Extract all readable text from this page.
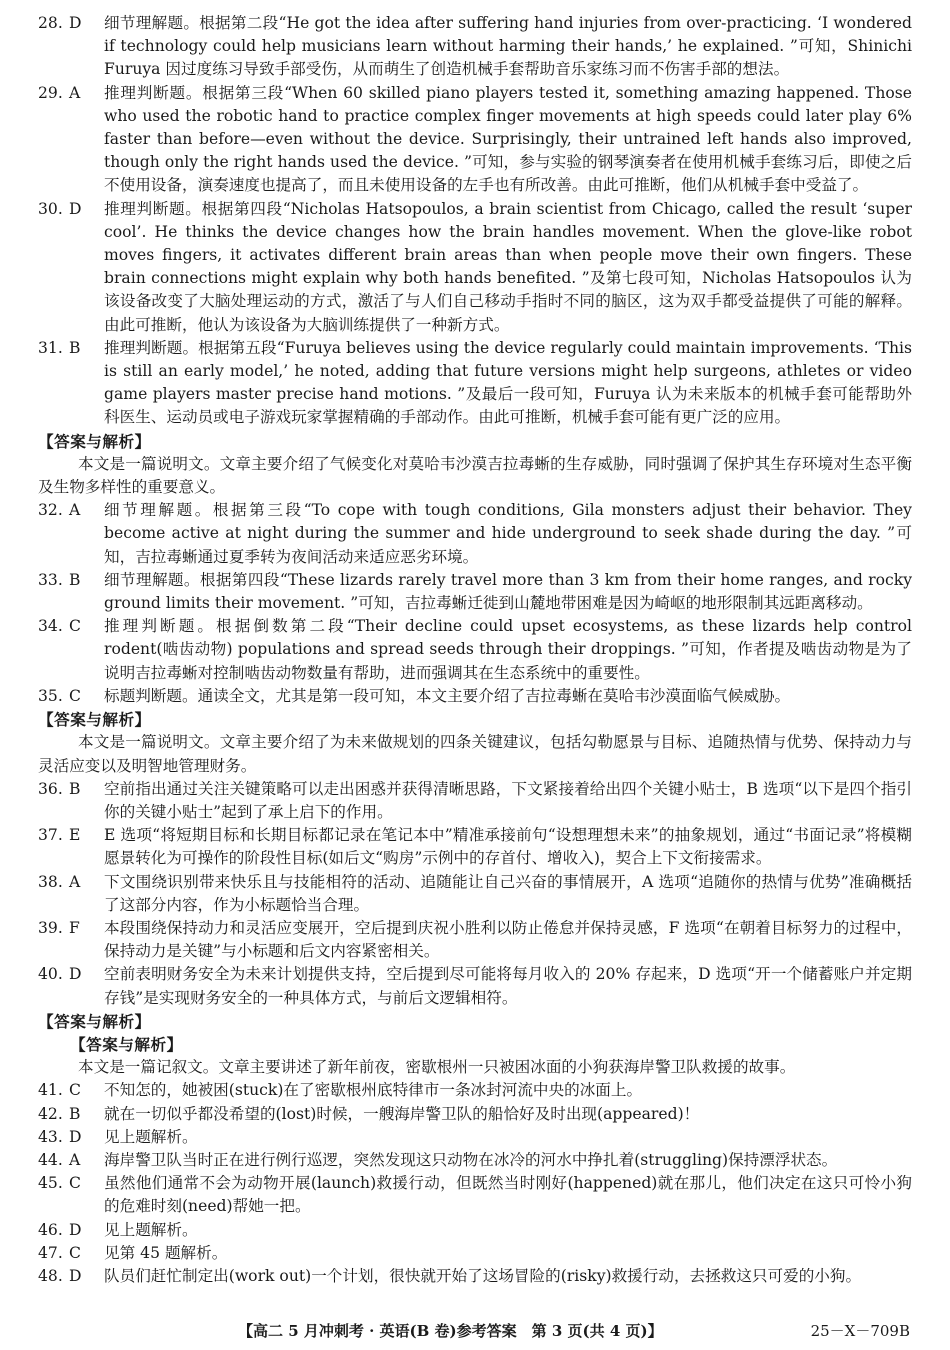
28. D	细节理解题。根据第二段“He got the idea after suffering hand injuries from over-practicing. ‘I wondered if technology could help musicians learn without harming their hands,’ he explained. ”可知，Shinichi Furuya 因过度练习导致手部受伤，从而萌生了创造机械手套帮助音乐家练习而不伤害手部的想法。
29. A	推理判断题。根据第三段“When 60 skilled piano players tested it, something amazing happened. Those who used the robotic hand to practice complex finger movements at high speeds could later play 6% faster than before—even without the device. Surprisingly, their untrained left hands also improved, though only the right hands used the device. ”可知，参与实验的钢琴演奏者在使用机械手套练习后，即使之后不使用设备，演奏速度也提高了，而且未使用设备的左手也有所改善。由此可推断，他们从机械手套中受益了。
30. D	推理判断题。根据第四段“Nicholas Hatsopoulos, a brain scientist from Chicago, called the result ‘super cool’. He thinks the device changes how the brain handles movement. When the glove-like robot moves fingers, it activates different brain areas than when people move their own fingers. These brain connections might explain why both hands benefited. ”及第七段可知，Nicholas Hatsopoulos 认为该设备改变了大脑处理运动的方式，激活了与人们自己移动手指时不同的脑区，这为双手都受益提供了可能的解释。由此可推断，他认为该设备为大脑训练提供了一种新方式。
31. B	推理判断题。根据第五段“Furuya believes using the device regularly could maintain improvements. ‘This is still an early model,’ he noted, adding that future versions might help surgeons, athletes or video game players master precise hand motions. ”及最后一段可知，Furuya 认为未来版本的机械手套可能帮助外科医生、运动员或电子游戏玩家掌握精确的手部动作。由此可推断，机械手套可能有更广泛的应用。
【答案与解析】
本文是一篇说明文。文章主要介绍了气候变化对莫哈韦沙漠吉拉毒蜥的生存威胁，同时强调了保护其生存环境对生态平衡及生物多样性的重要意义。
32. A	细节理解题。根据第三段“To cope with tough conditions, Gila monsters adjust their behavior. They become active at night during the summer and hide underground to seek shade during the day. ”可知，吉拉毒蜥通过夏季转为夜间活动来适应恶劣环境。
33. B	细节理解题。根据第四段“These lizards rarely travel more than 3 km from their home ranges, and rocky ground limits their movement. ”可知，吉拉毒蜥迁徙到山麓地带困难是因为崎岖的地形限制其远距离移动。
34. C	推理判断题。根据倒数第二段“Their decline could upset ecosystems, as these lizards help control rodent(啮齿动物) populations and spread seeds through their droppings. ”可知，作者提及啮齿动物是为了说明吉拉毒蜥对控制啮齿动物数量有帮助，进而强调其在生态系统中的重要性。
35. C	标题判断题。通读全文，尤其是第一段可知，本文主要介绍了吉拉毒蜥在莫哈韦沙漠面临气候威胁。
【答案与解析】
本文是一篇说明文。文章主要介绍了为未来做规划的四条关键建议，包括勾勒愿景与目标、追随热情与优势、保持动力与灵活应变以及明智地管理财务。
36. B	空前指出通过关注关键策略可以走出困惑并获得清晰思路，下文紧接着给出四个关键小贴士，B 选项“以下是四个指引你的关键小贴士”起到了承上启下的作用。
37. E	E 选项“将短期目标和长期目标都记录在笔记本中”精准承接前句“设想理想未来”的抽象规划，通过“书面记录”将模糊愿景转化为可操作的阶段性目标(如后文“购房”示例中的存首付、增收入)，契合上下文衔接需求。
38. A	下文围绕识别带来快乐且与技能相符的活动、追随能让自己兴奋的事情展开，A 选项“追随你的热情与优势”准确概括了这部分内容，作为小标题恰当合理。
39. F	本段围绕保持动力和灵活应变展开，空后提到庆祝小胜利以防止倦怠并保持灵感，F 选项“在朝着目标努力的过程中，保持动力是关键”与小标题和后文内容紧密相关。
40. D	空前表明财务安全为未来计划提供支持，空后提到尽可能将每月收入的 20% 存起来，D 选项“开一个储蓄账户并定期存钱”是实现财务安全的一种具体方式，与前后文逻辑相符。
【答案与解析】
【答案与解析】
本文是一篇记叙文。文章主要讲述了新年前夜，密歇根州一只被困冰面的小狗获海岸警卫队救援的故事。
41. C	不知怎的，她被困(stuck)在了密歇根州底特律市一条冰封河流中央的冰面上。
42. B	就在一切似乎都没希望的(lost)时候，一艘海岸警卫队的船恰好及时出现(appeared)！
43. D	见上题解析。
44. A	海岸警卫队当时正在进行例行巡逻，突然发现这只动物在冰冷的河水中挣扎着(struggling)保持漂浮状态。
45. C	虽然他们通常不会为动物开展(launch)救援行动，但既然当时刚好(happened)就在那儿，他们决定在这只可怜小狗的危难时刻(need)帮她一把。
46. D	见上题解析。
47. C	见第 45 题解析。
48. D	队员们赶忙制定出(work out)一个计划，很快就开始了这场冒险的(risky)救援行动，去拯救这只可爱的小狗。
【高二 5 月冲刺考 · 英语(B 卷)参考答案　第 3 页(共 4 页)】	25－X－709B
